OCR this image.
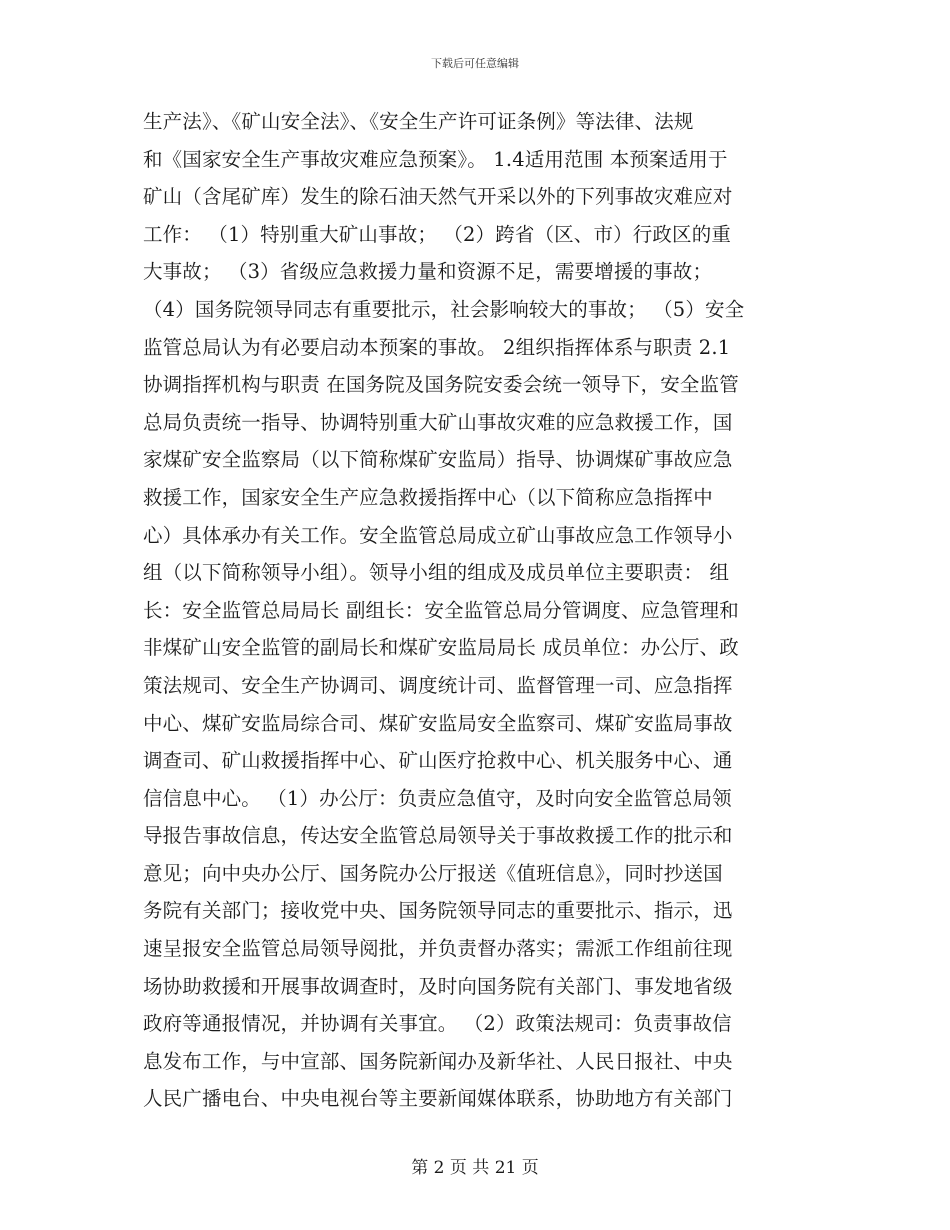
下载后可任意编辑
生产法》、《矿山安全法》、《安全生产许可证条例》等法律、法规
和《国家安全生产事故灾难应急预案》。 1.4适用范围 本预案适用于
矿山（含尾矿库）发生的除石油天然气开采以外的下列事故灾难应对
工作： （1）特别重大矿山事故； （2）跨省（区、市）行政区的重
大事故； （3）省级应急救援力量和资源不足，需要增援的事故；
（4）国务院领导同志有重要批示，社会影响较大的事故； （5）安全
监管总局认为有必要启动本预案的事故。 2组织指挥体系与职责 2.1
协调指挥机构与职责 在国务院及国务院安委会统一领导下，安全监管
总局负责统一指导、协调特别重大矿山事故灾难的应急救援工作，国
家煤矿安全监察局（以下简称煤矿安监局）指导、协调煤矿事故应急
救援工作，国家安全生产应急救援指挥中心（以下简称应急指挥中
心）具体承办有关工作。安全监管总局成立矿山事故应急工作领导小
组（以下简称领导小组）。领导小组的组成及成员单位主要职责： 组
长：安全监管总局局长 副组长：安全监管总局分管调度、应急管理和
非煤矿山安全监管的副局长和煤矿安监局局长 成员单位：办公厅、政
策法规司、安全生产协调司、调度统计司、监督管理一司、应急指挥
中心、煤矿安监局综合司、煤矿安监局安全监察司、煤矿安监局事故
调查司、矿山救援指挥中心、矿山医疗抢救中心、机关服务中心、通
信信息中心。 （1）办公厅：负责应急值守，及时向安全监管总局领
导报告事故信息，传达安全监管总局领导关于事故救援工作的批示和
意见；向中央办公厅、国务院办公厅报送《值班信息》，同时抄送国
务院有关部门；接收党中央、国务院领导同志的重要批示、指示，迅
速呈报安全监管总局领导阅批，并负责督办落实；需派工作组前往现
场协助救援和开展事故调查时，及时向国务院有关部门、事发地省级
政府等通报情况，并协调有关事宜。 （2）政策法规司：负责事故信
息发布工作，与中宣部、国务院新闻办及新华社、人民日报社、中央
人民广播电台、中央电视台等主要新闻媒体联系，协助地方有关部门
第 2 页 共 21 页
